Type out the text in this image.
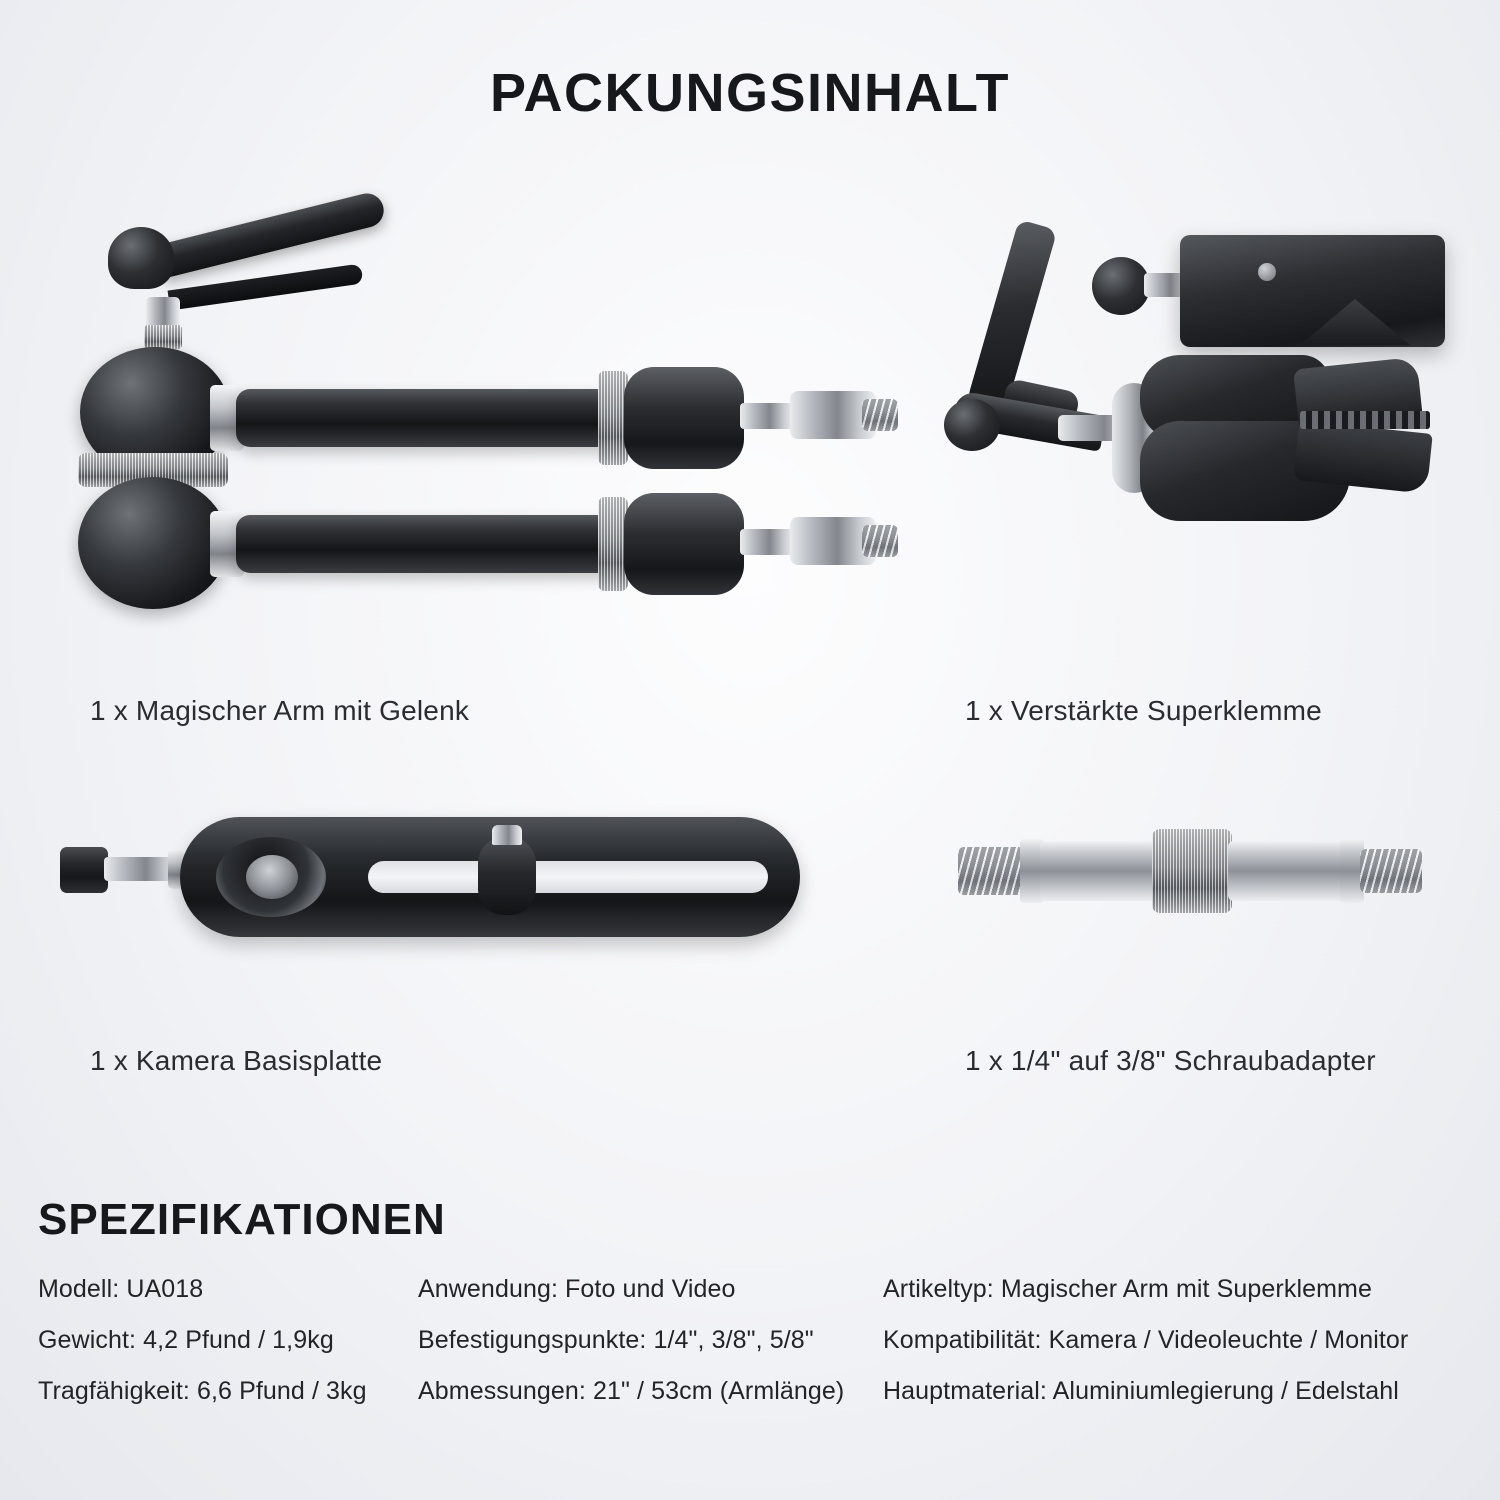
PACKUNGSINHALT
1 x Magischer Arm mit Gelenk	1 x Verstärkte Superklemme
1 x Kamera Basisplatte	1 x 1/4" auf 3/8" Schraubadapter
SPEZIFIKATIONEN
Modell: UA018	Anwendung: Foto und Video	Artikeltyp: Magischer Arm mit Superklemme
Gewicht: 4,2 Pfund / 1,9kg	Befestigungspunkte: 1/4", 3/8", 5/8"	Kompatibilität: Kamera / Videoleuchte / Monitor
Tragfähigkeit: 6,6 Pfund / 3kg	Abmessungen: 21" / 53cm (Armlänge)	Hauptmaterial: Aluminiumlegierung / Edelstahl
